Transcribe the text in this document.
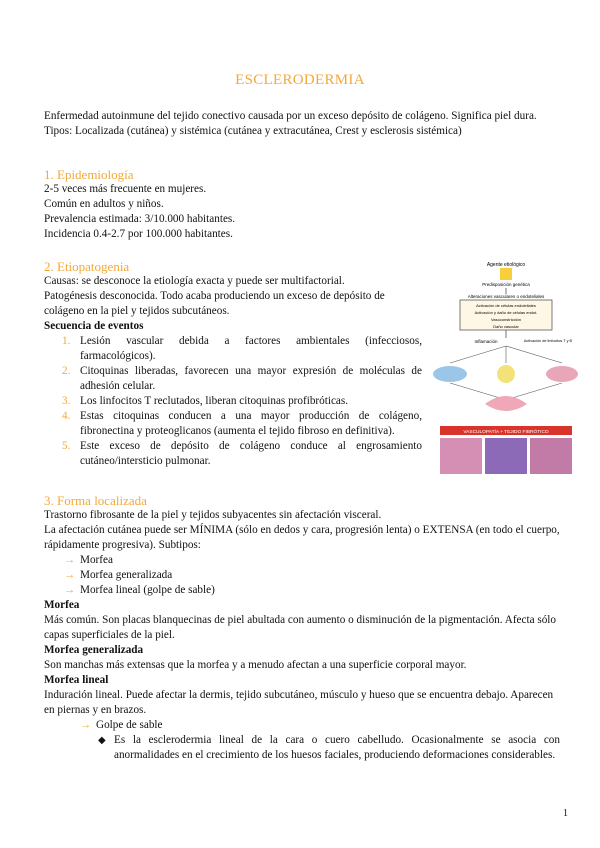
ESCLERODERMIA

Enfermedad autoinmune del tejido conectivo causada por un exceso depósito de colágeno. Significa piel dura.

Tipos: Localizada (cutánea) y sistémica (cutánea y extracutánea, Crest y esclerosis sistémica)

1. Epidemiología

2-5 veces más frecuente en mujeres.

Común en adultos y niños.

Prevalencia estimada: 3/10.000 habitantes.

Incidencia 0.4-2.7 por 100.000 habitantes.

2. Etiopatogenia

Causas: se desconoce la etiología exacta y puede ser multifactorial.

Patogénesis desconocida. Todo acaba produciendo un exceso de depósito de colágeno en la piel y tejidos subcutáneos.

Secuencia de eventos

1. Lesión vascular debida a factores ambientales (infecciosos, farmacológicos).
2. Citoquinas liberadas, favorecen una mayor expresión de moléculas de adhesión celular.
3. Los linfocitos T reclutados, liberan citoquinas profibróticas.
4. Estas citoquinas conducen a una mayor producción de colágeno, fibronectina y proteoglicanos (aumenta el tejido fibroso en definitiva).
5. Este exceso de depósito de colágeno conduce al engrosamiento cutáneo/intersticio pulmonar.

3. Forma localizada

Trastorno fibrosante de la piel y tejidos subyacentes sin afectación visceral.

La afectación cutánea puede ser MÍNIMA (sólo en dedos y cara, progresión lenta) o EXTENSA (en todo el cuerpo, rápidamente progresiva). Subtipos:

→ Morfea
→ Morfea generalizada
→ Morfea lineal (golpe de sable)

Morfea

Más común. Son placas blanquecinas de piel abultada con aumento o disminución de la pigmentación. Afecta sólo capas superficiales de la piel.

Morfea generalizada

Son manchas más extensas que la morfea y a menudo afectan a una superficie corporal mayor.

Morfea lineal

Induración lineal. Puede afectar la dermis, tejido subcutáneo, músculo y hueso que se encuentra debajo. Aparecen en piernas y en brazos.

→ Golpe de sable
◆ Es la esclerodermia lineal de la cara o cuero cabelludo. Ocasionalmente se asocia con anormalidades en el crecimiento de los huesos faciales, produciendo deformaciones considerables.
Agente etiológico
Predisposición genética
Alteraciones vasculares o endoteliales
Activación de células endoteliales
Activación y daño de células endot.
Vasoconstricción
Daño vascular
Inflamación	Activación de linfocitos T y B
VASCULOPATÍA + TEJIDO FIBRÓTICO
1
